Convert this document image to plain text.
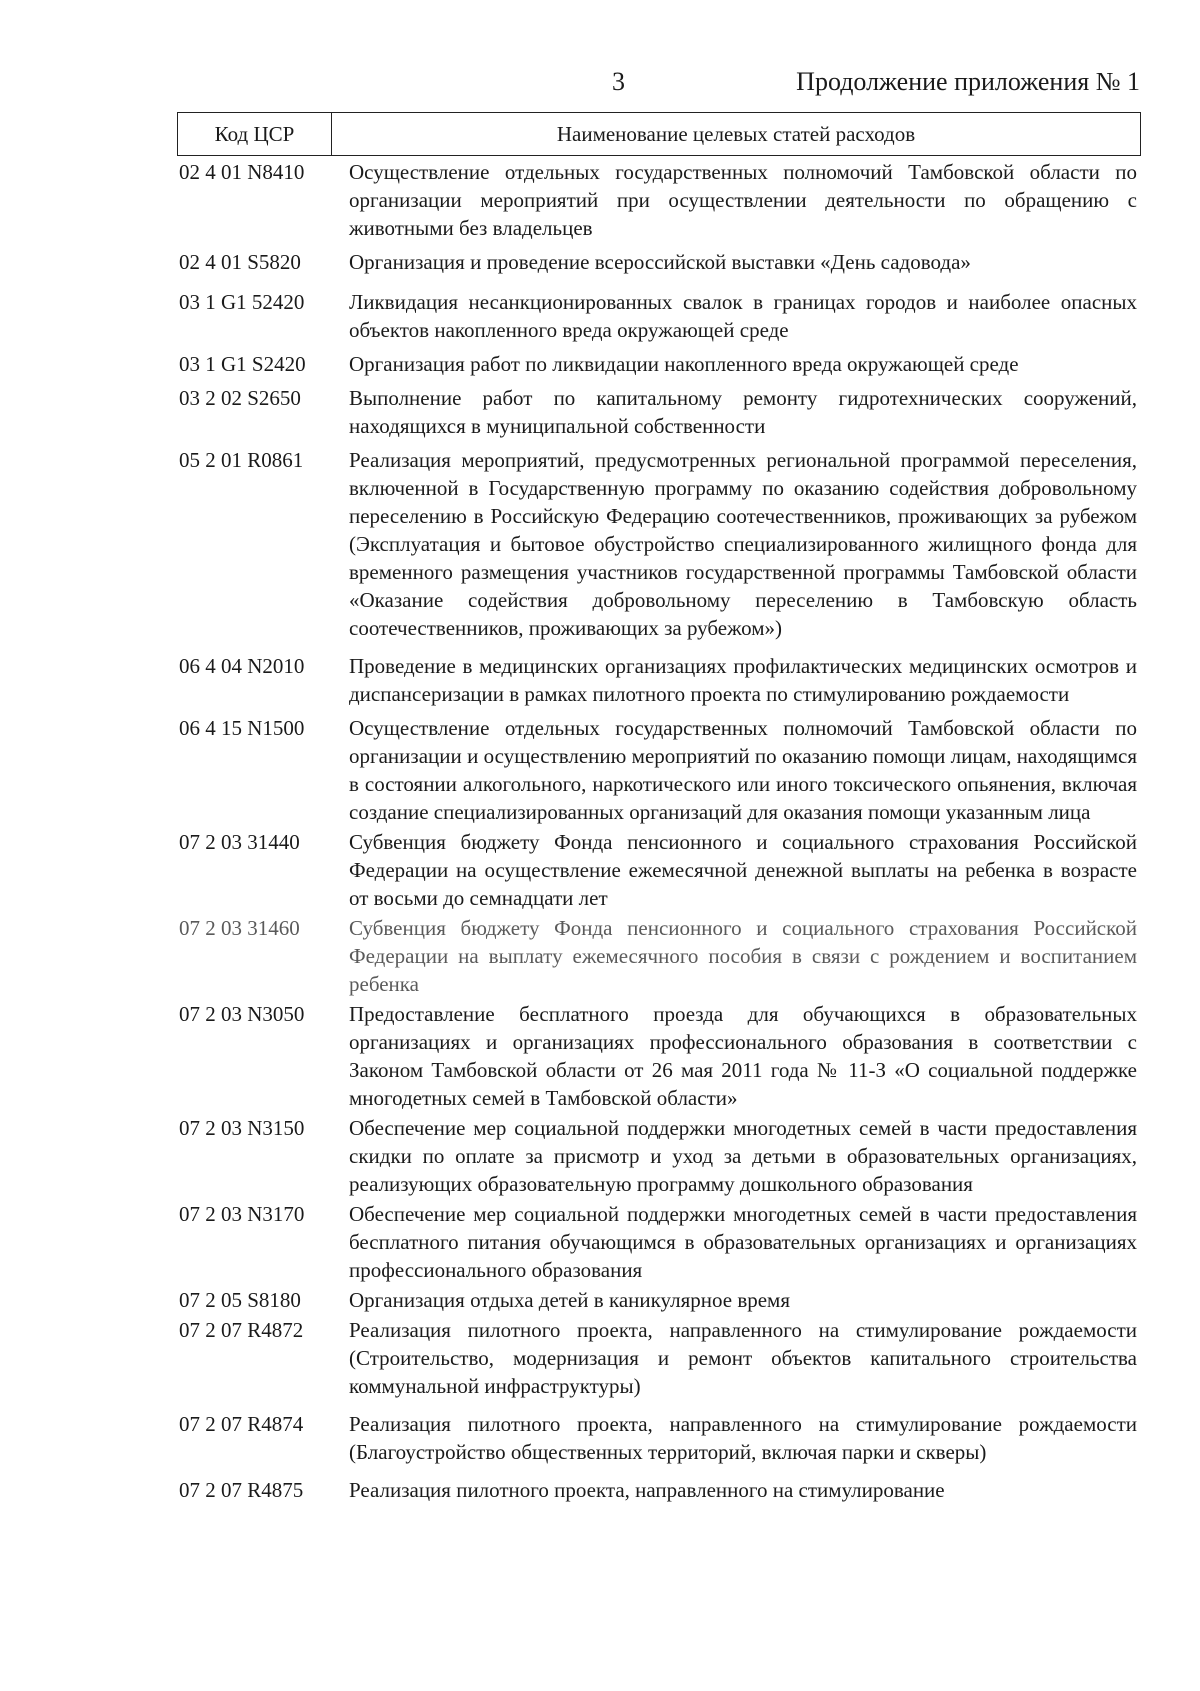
3	Продолжение приложения № 1
Код ЦСР	Наименование целевых статей расходов
02 4 01 N8410	Осуществление отдельных государственных полномочий Тамбовской области по организации мероприятий при осуществлении деятельности по обращению с животными без владельцев
02 4 01 S5820	Организация и проведение всероссийской выставки «День садовода»
03 1 G1 52420	Ликвидация несанкционированных свалок в границах городов и наиболее опасных объектов накопленного вреда окружающей среде
03 1 G1 S2420	Организация работ по ликвидации накопленного вреда окружающей среде
03 2 02 S2650	Выполнение работ по капитальному ремонту гидротехнических сооружений, находящихся в муниципальной собственности
05 2 01 R0861	Реализация мероприятий, предусмотренных региональной программой переселения, включенной в Государственную программу по оказанию содействия добровольному переселению в Российскую Федерацию соотечественников, проживающих за рубежом (Эксплуатация и бытовое обустройство специализированного жилищного фонда для временного размещения участников государственной программы Тамбовской области «Оказание содействия добровольному переселению в Тамбовскую область соотечественников, проживающих за рубежом»)
06 4 04 N2010	Проведение в медицинских организациях профилактических медицинских осмотров и диспансеризации в рамках пилотного проекта по стимулированию рождаемости
06 4 15 N1500	Осуществление отдельных государственных полномочий Тамбовской области по организации и осуществлению мероприятий по оказанию помощи лицам, находящимся в состоянии алкогольного, наркотического или иного токсического опьянения, включая создание специализированных организаций для оказания помощи указанным лица
07 2 03 31440	Субвенция бюджету Фонда пенсионного и социального страхования Российской Федерации на осуществление ежемесячной денежной выплаты на ребенка в возрасте от восьми до семнадцати лет
07 2 03 31460	Субвенция бюджету Фонда пенсионного и социального страхования Российской Федерации на выплату ежемесячного пособия в связи с рождением и воспитанием ребенка
07 2 03 N3050	Предоставление бесплатного проезда для обучающихся в образовательных организациях и организациях профессионального образования в соответствии с Законом Тамбовской области от 26 мая 2011 года № 11-З «О социальной поддержке многодетных семей в Тамбовской области»
07 2 03 N3150	Обеспечение мер социальной поддержки многодетных семей в части предоставления скидки по оплате за присмотр и уход за детьми в образовательных организациях, реализующих образовательную программу дошкольного образования
07 2 03 N3170	Обеспечение мер социальной поддержки многодетных семей в части предоставления бесплатного питания обучающимся в образовательных организациях и организациях профессионального образования
07 2 05 S8180	Организация отдыха детей в каникулярное время
07 2 07 R4872	Реализация пилотного проекта, направленного на стимулирование рождаемости (Строительство, модернизация и ремонт объектов капитального строительства коммунальной инфраструктуры)
07 2 07 R4874	Реализация пилотного проекта, направленного на стимулирование рождаемости (Благоустройство общественных территорий, включая парки и скверы)
07 2 07 R4875	Реализация пилотного проекта, направленного на стимулирование
